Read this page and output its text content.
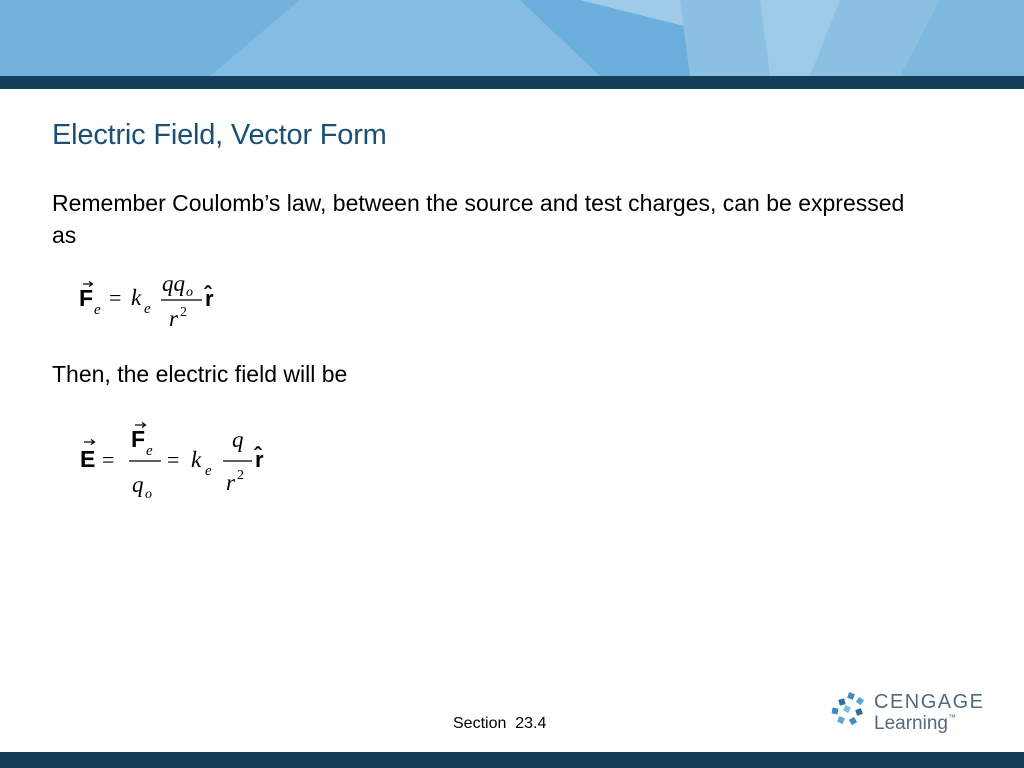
Electric Field, Vector Form
Remember Coulomb’s law, between the source and test charges, can be expressed as
F e = k e
qq o
r 2
r̂
Then, the electric field will be
E =
F e
q o
= k e
q
r 2
r̂
Section  23.4
CENGAGE
Learning™
